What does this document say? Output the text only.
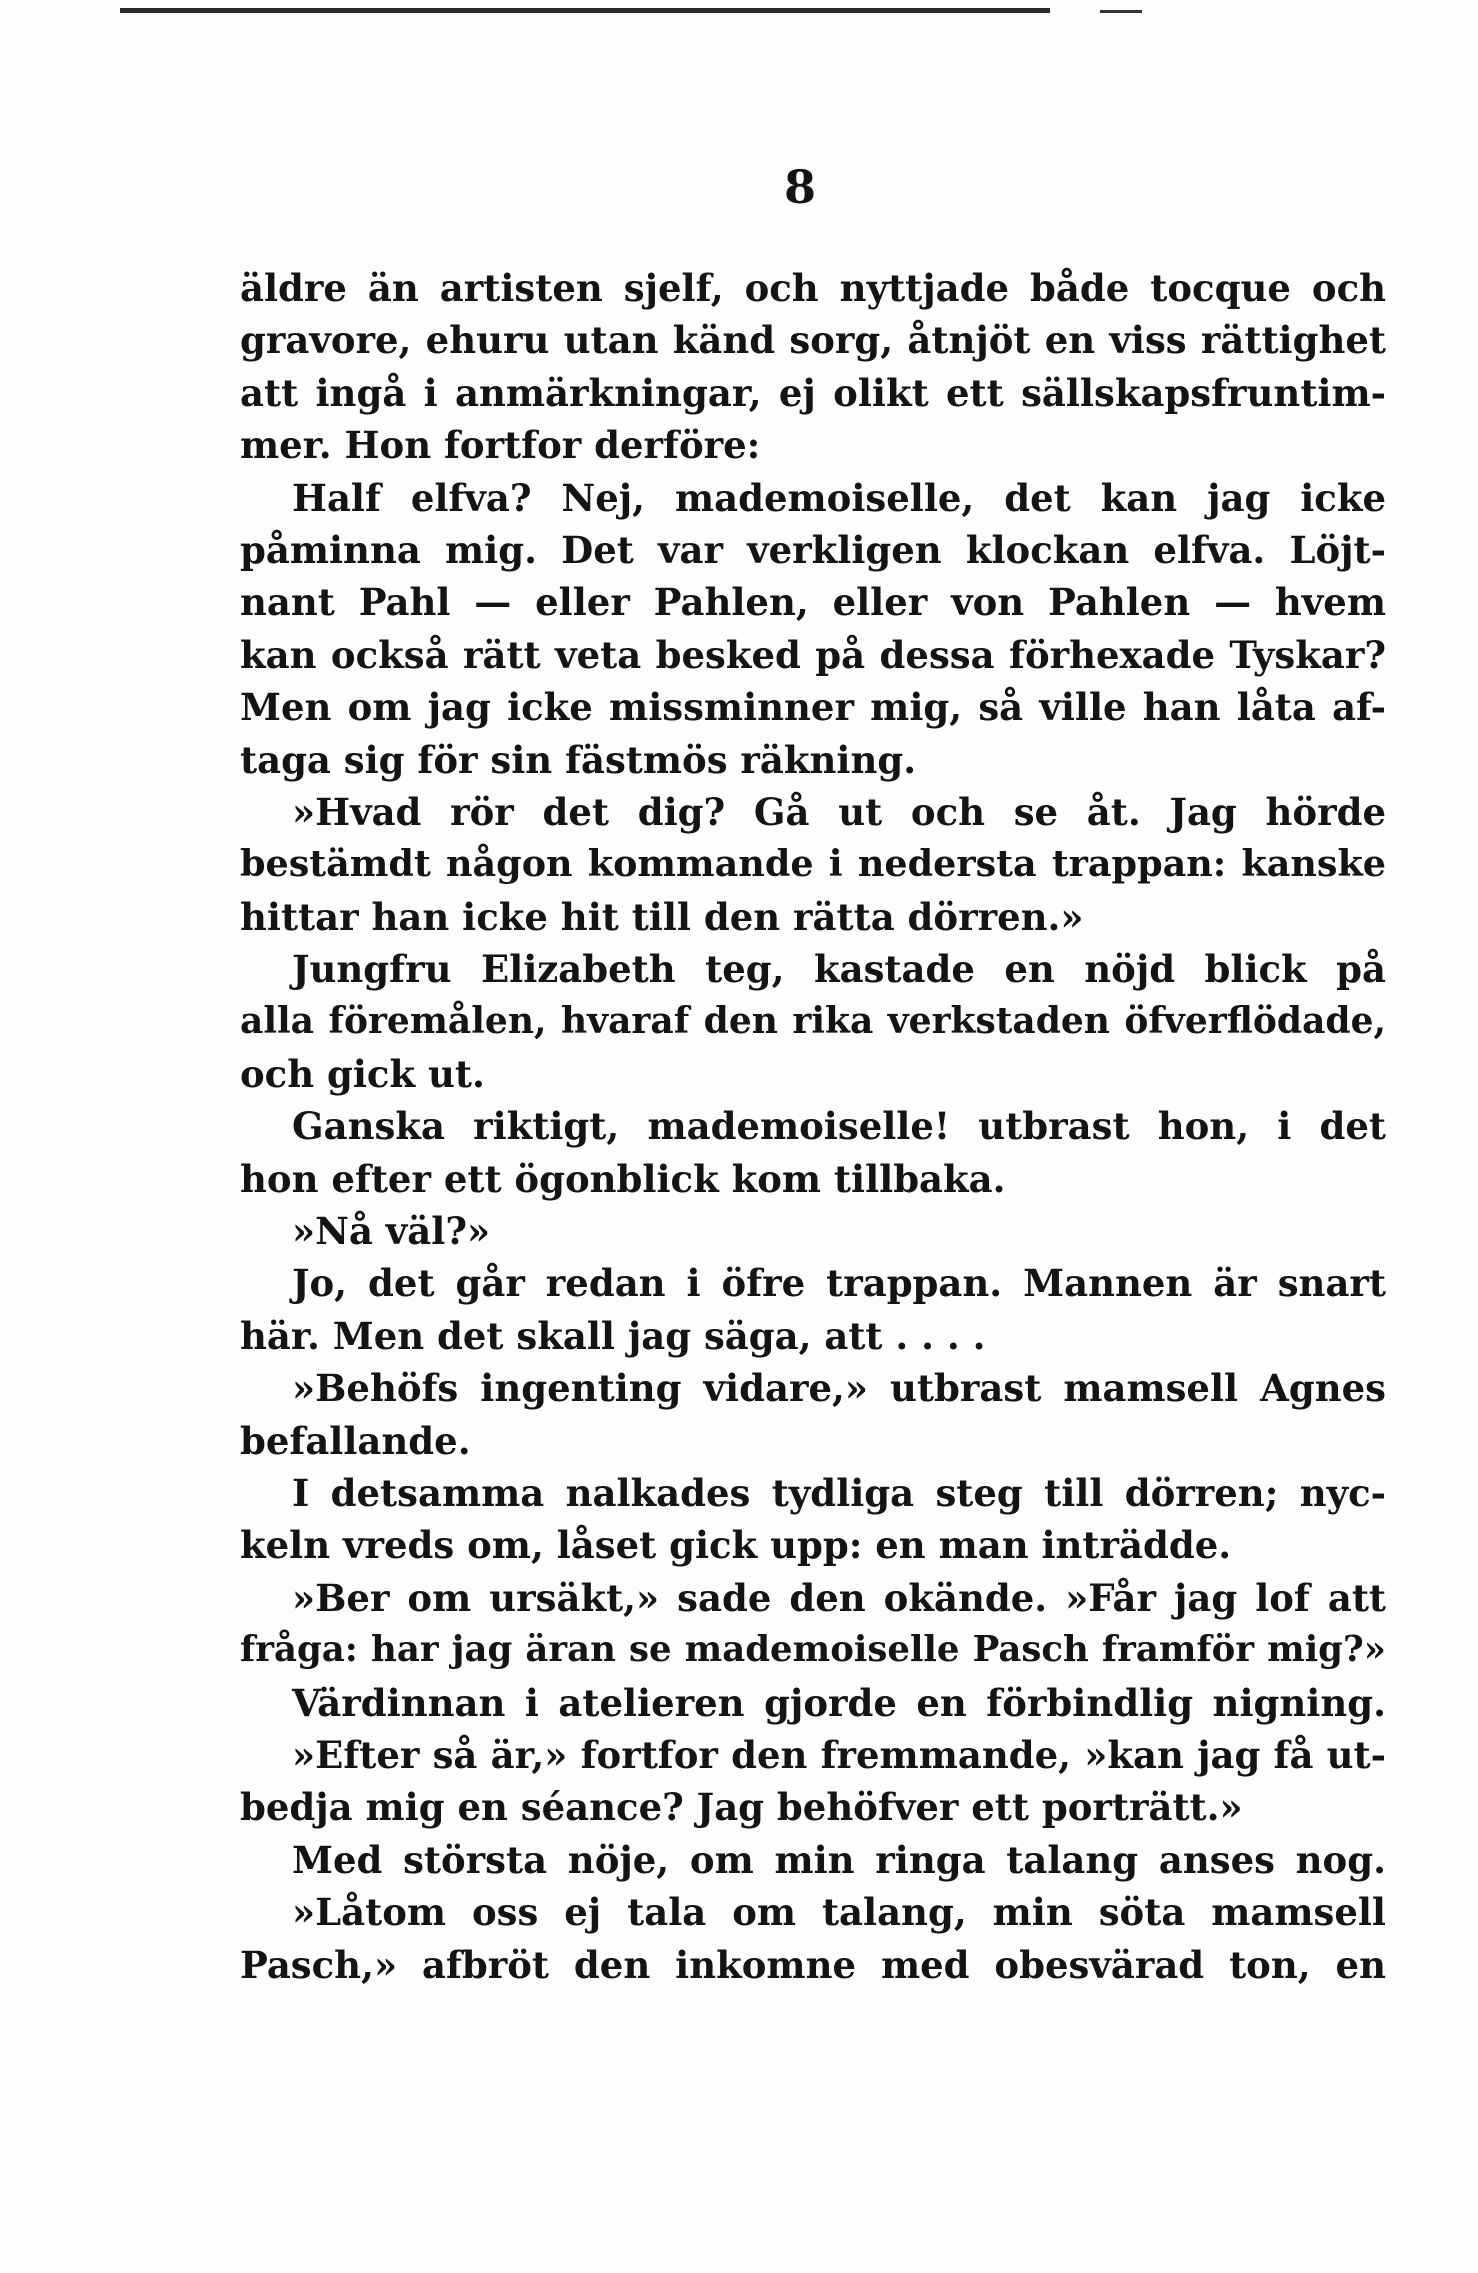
8
äldre än artisten sjelf, och nyttjade både tocque och
gravore, ehuru utan känd sorg, åtnjöt en viss rättighet
att ingå i anmärkningar, ej olikt ett sällskapsfruntim-
mer. Hon fortfor derföre:
Half elfva? Nej, mademoiselle, det kan jag icke
påminna mig. Det var verkligen klockan elfva. Löjt-
nant Pahl — eller Pahlen, eller von Pahlen — hvem
kan också rätt veta besked på dessa förhexade Tyskar?
Men om jag icke missminner mig, så ville han låta af-
taga sig för sin fästmös räkning.
»Hvad rör det dig? Gå ut och se åt. Jag hörde
bestämdt någon kommande i nedersta trappan: kanske
hittar han icke hit till den rätta dörren.»
Jungfru Elizabeth teg, kastade en nöjd blick på
alla föremålen, hvaraf den rika verkstaden öfverflödade,
och gick ut.
Ganska riktigt, mademoiselle! utbrast hon, i det
hon efter ett ögonblick kom tillbaka.
»Nå väl?»
Jo, det går redan i öfre trappan. Mannen är snart
här. Men det skall jag säga, att . . . .
»Behöfs ingenting vidare,» utbrast mamsell Agnes
befallande.
I detsamma nalkades tydliga steg till dörren; nyc-
keln vreds om, låset gick upp: en man inträdde.
»Ber om ursäkt,» sade den okände. »Får jag lof att
fråga: har jag äran se mademoiselle Pasch framför mig?»
Värdinnan i atelieren gjorde en förbindlig nigning.
»Efter så är,» fortfor den fremmande, »kan jag få ut-
bedja mig en séance? Jag behöfver ett porträtt.»
Med största nöje, om min ringa talang anses nog.
»Låtom oss ej tala om talang, min söta mamsell
Pasch,» afbröt den inkomne med obesvärad ton, en
